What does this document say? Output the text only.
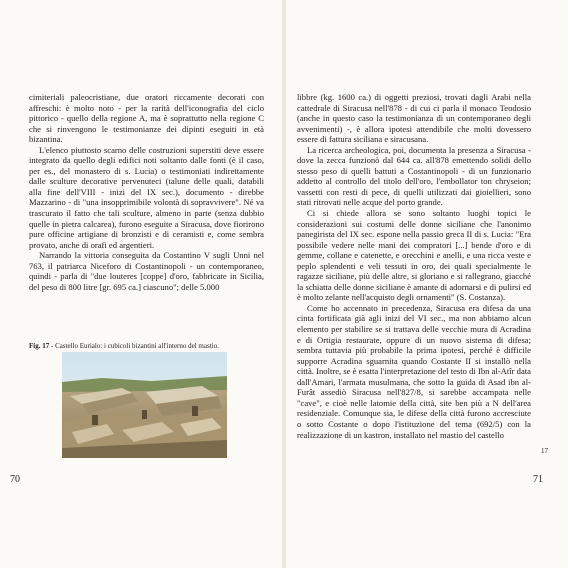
cimiteriali paleocristiane, due oratori riccamente decorati con affreschi: è molto noto - per la rarità dell'iconografia del ciclo pittorico - quello della regione A, ma è soprattutto nella regione C che si rinvengono le testimonianze dei dipinti eseguiti in età bizantina.

L'elenco piuttosto scarno delle costruzioni superstiti deve essere integrato da quello degli edifici noti soltanto dalle fonti (è il caso, per es., del monastero di s. Lucia) o testimoniati indirettamente dalle sculture decorative pervenuteci (talune delle quali, databili alla fine dell'VIII - inizi del IX sec.), documento - direbbe Mazzarino - di "una insopprimibile volontà di sopravvivere". Né va trascurato il fatto che tali sculture, almeno in parte (senza dubbio quelle in pietra calcarea), furono eseguite a Siracusa, dove fiorirono pure officine artigiane di bronzisti e di ceramisti e, come sembra provato, anche di orafi ed argentieri.

Narrando la vittoria conseguita da Costantino V sugli Unni nel 763, il patriarca Niceforo di Costantinopoli - un contemporaneo, quindi - parla di "due louteres [coppe] d'oro, fabbricate in Sicilia, del peso di 800 litre [gr. 695 ca.] ciascuno"; delle 5.000

Fig. 17 - Castello Eurialo: i cubicoli bizantini all'interno del mastio.
70

libbre (kg. 1600 ca.) di oggetti preziosi, trovati dagli Arabi nella cattedrale di Siracusa nell'878 - di cui ci parla il monaco Teodosio (anche in questo caso la testimonianza di un contemporaneo degli avvenimenti) -, è allora ipotesi attendibile che molti dovessero essere di fattura siciliana e siracusana.

La ricerca archeologica, poi, documenta la presenza a Siracusa - dove la zecca funzionò dal 644 ca. all'878 emettendo solidi dello stesso peso di quelli battuti a Costantinopoli - di un funzionario addetto al controllo del titolo dell'oro, l'embollator ton chryseion; vassetti con resti di pece, di quelli utilizzati dai gioiellieri, sono stati ritrovati nelle acque del porto grande.

Ci si chiede allora se sono soltanto luoghi topici le considerazioni sui costumi delle donne siciliane che l'anonimo panegirista del IX sec. espone nella passio greca II di s. Lucia: "Era possibile vedere nelle mani dei compratori [...] bende d'oro e di gemme, collane e catenette, e orecchini e anelli, e una ricca veste e peplo splendenti e veli tessuti in oro, dei quali specialmente le ragazze siciliane, più delle altre, si gloriano e si rallegrano, giacché la schiatta delle donne siciliane è amante di adornarsi e di pulirsi ed è molto zelante nell'acquisto degli ornamenti" (S. Costanza).

Come ho accennato in precedenza, Siracusa era difesa da una cinta fortificata già agli inizi del VI sec., ma non abbiamo alcun elemento per stabilire se si trattava delle vecchie mura di Acradina e di Ortigia restaurate, oppure di un nuovo sistema di difesa; sembra tuttavia più probabile la prima ipotesi, perché è difficile supporre Acradina sguarnita quando Costante II si installò nella città. Inoltre, se è esatta l'interpretazione del testo di Ibn al-Atîr data dall'Amari, l'armata musulmana, che sotto la guida di Asad ibn al-Furât assediò Siracusa nell'827/8, si sarebbe accampata nelle "cave", e cioè nelle latomie della città, site ben più a N dell'area residenziale. Comunque sia, le difese della città furono accresciute o sotto Costante o dopo l'istituzione del tema (692/5) con la realizzazione di un kastron, installato nel mastio del castello

17
71
